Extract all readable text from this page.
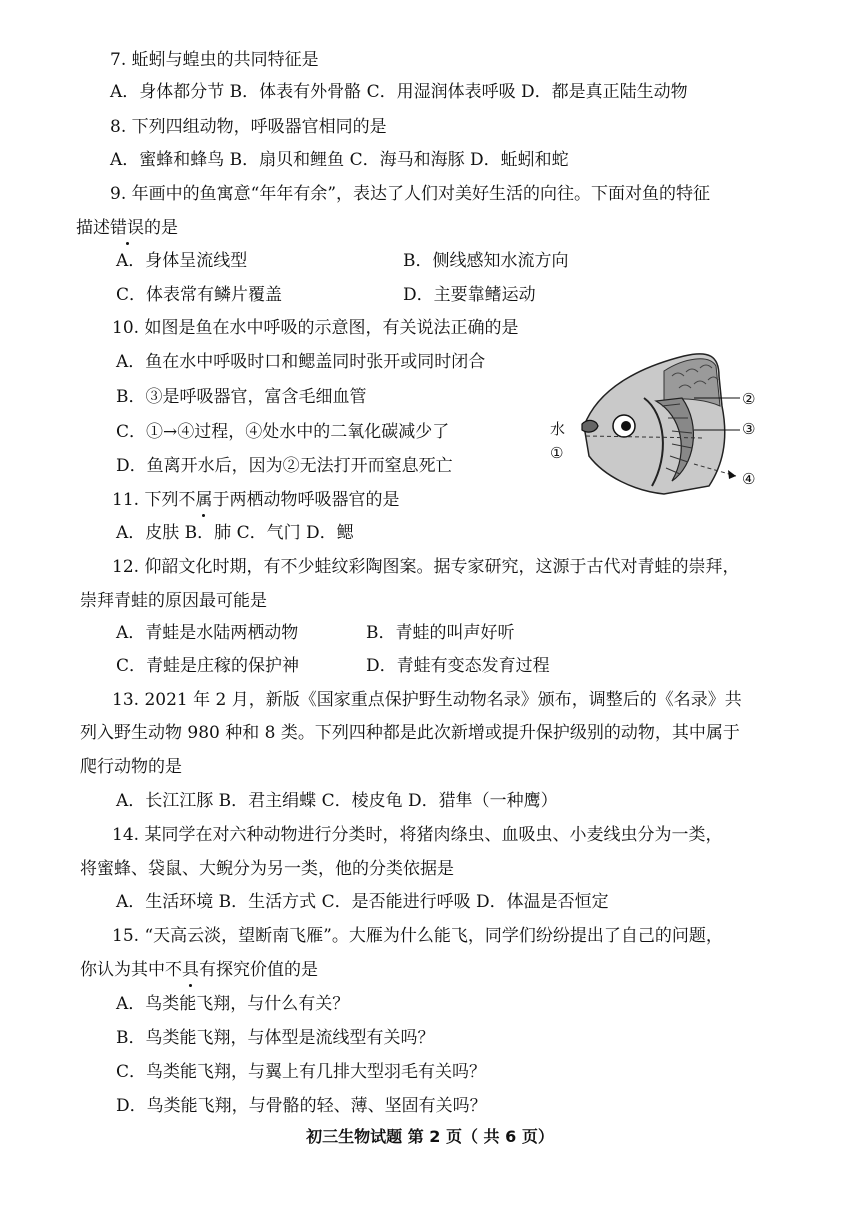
7. 蚯蚓与蝗虫的共同特征是
A．身体都分节 B．体表有外骨骼 C．用湿润体表呼吸 D．都是真正陆生动物
8. 下列四组动物，呼吸器官相同的是
A．蜜蜂和蜂鸟 B．扇贝和鲤鱼 C．海马和海豚 D．蚯蚓和蛇
9. 年画中的鱼寓意“年年有余”，表达了人们对美好生活的向往。下面对鱼的特征
描述错误的是
A．身体呈流线型	B．侧线感知水流方向
C．体表常有鳞片覆盖	D．主要靠鳍运动
10. 如图是鱼在水中呼吸的示意图，有关说法正确的是
A．鱼在水中呼吸时口和鳃盖同时张开或同时闭合
B．③是呼吸器官，富含毛细血管
C．①→④过程，④处水中的二氧化碳减少了
D．鱼离开水后，因为②无法打开而窒息死亡
水
①
②
③
④
11. 下列不属于两栖动物呼吸器官的是
A．皮肤 B．肺 C．气门 D．鳃
12. 仰韶文化时期，有不少蛙纹彩陶图案。据专家研究，这源于古代对青蛙的崇拜，
崇拜青蛙的原因最可能是
A．青蛙是水陆两栖动物	B．青蛙的叫声好听
C．青蛙是庄稼的保护神	D．青蛙有变态发育过程
13. 2021 年 2 月，新版《国家重点保护野生动物名录》颁布，调整后的《名录》共
列入野生动物 980 种和 8 类。下列四种都是此次新增或提升保护级别的动物，其中属于
爬行动物的是
A．长江江豚 B．君主绢蝶 C．棱皮龟 D．猎隼（一种鹰）
14. 某同学在对六种动物进行分类时，将猪肉绦虫、血吸虫、小麦线虫分为一类，
将蜜蜂、袋鼠、大鲵分为另一类，他的分类依据是
A．生活环境 B．生活方式 C．是否能进行呼吸 D．体温是否恒定
15. “天高云淡，望断南飞雁”。大雁为什么能飞，同学们纷纷提出了自己的问题，
你认为其中不具有探究价值的是
A．鸟类能飞翔，与什么有关？
B．鸟类能飞翔，与体型是流线型有关吗？
C．鸟类能飞翔，与翼上有几排大型羽毛有关吗？
D．鸟类能飞翔，与骨骼的轻、薄、坚固有关吗？
初三生物试题 第 2 页（ 共 6 页）
